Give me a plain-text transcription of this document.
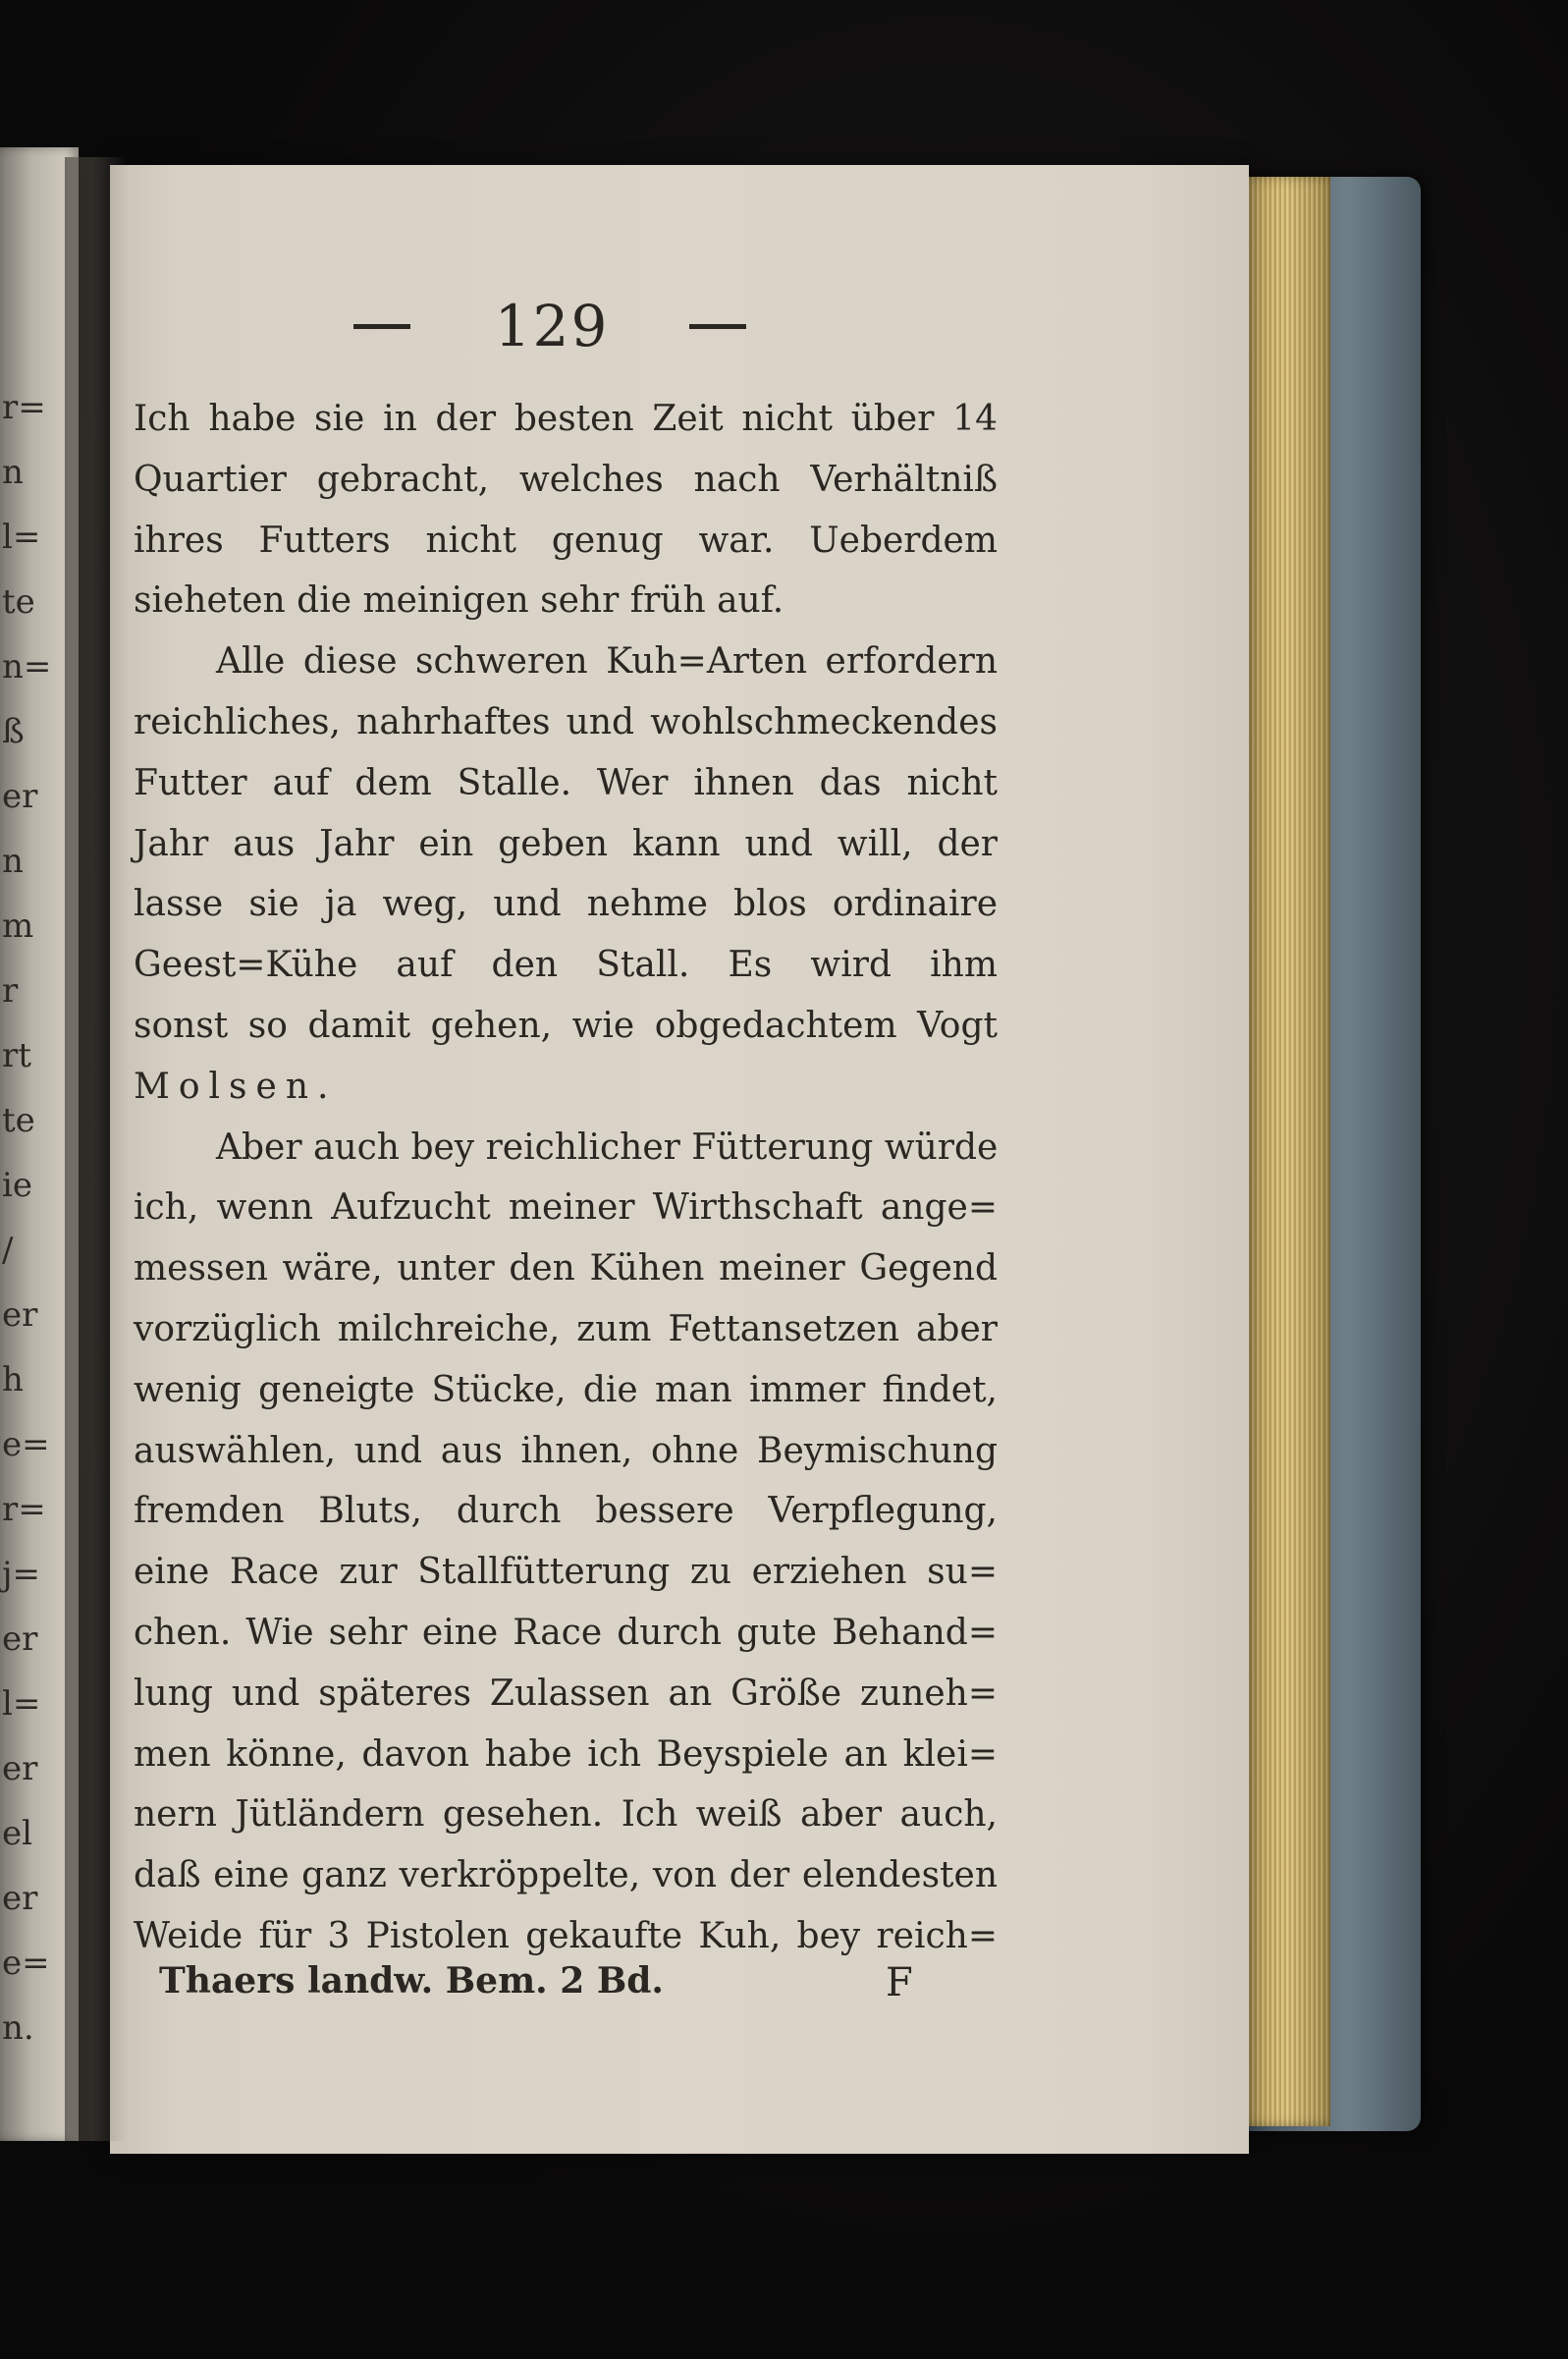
r=
n
l=
te
n=
ß
er
n
m
r
rt
te
ie
/
er
h
e=
r=
j=
er
l=
er
el
er
e=
n.
129
Ich habe sie in der besten Zeit nicht über 14
Quartier gebracht, welches nach Verhältniß
ihres Futters nicht genug war. Ueberdem
sieheten die meinigen sehr früh auf.
Alle diese schweren Kuh=Arten erfordern
reichliches, nahrhaftes und wohlschmeckendes
Futter auf dem Stalle. Wer ihnen das nicht
Jahr aus Jahr ein geben kann und will, der
lasse sie ja weg, und nehme blos ordinaire
Geest=Kühe auf den Stall. Es wird ihm
sonst so damit gehen, wie obgedachtem Vogt
Molsen.
Aber auch bey reichlicher Fütterung würde
ich, wenn Aufzucht meiner Wirthschaft ange=
messen wäre, unter den Kühen meiner Gegend
vorzüglich milchreiche, zum Fettansetzen aber
wenig geneigte Stücke, die man immer findet,
auswählen, und aus ihnen, ohne Beymischung
fremden Bluts, durch bessere Verpflegung,
eine Race zur Stallfütterung zu erziehen su=
chen. Wie sehr eine Race durch gute Behand=
lung und späteres Zulassen an Größe zuneh=
men könne, davon habe ich Beyspiele an klei=
nern Jütländern gesehen. Ich weiß aber auch,
daß eine ganz verkröppelte, von der elendesten
Weide für 3 Pistolen gekaufte Kuh, bey reich=
Thaers landw. Bem. 2 Bd.	F
